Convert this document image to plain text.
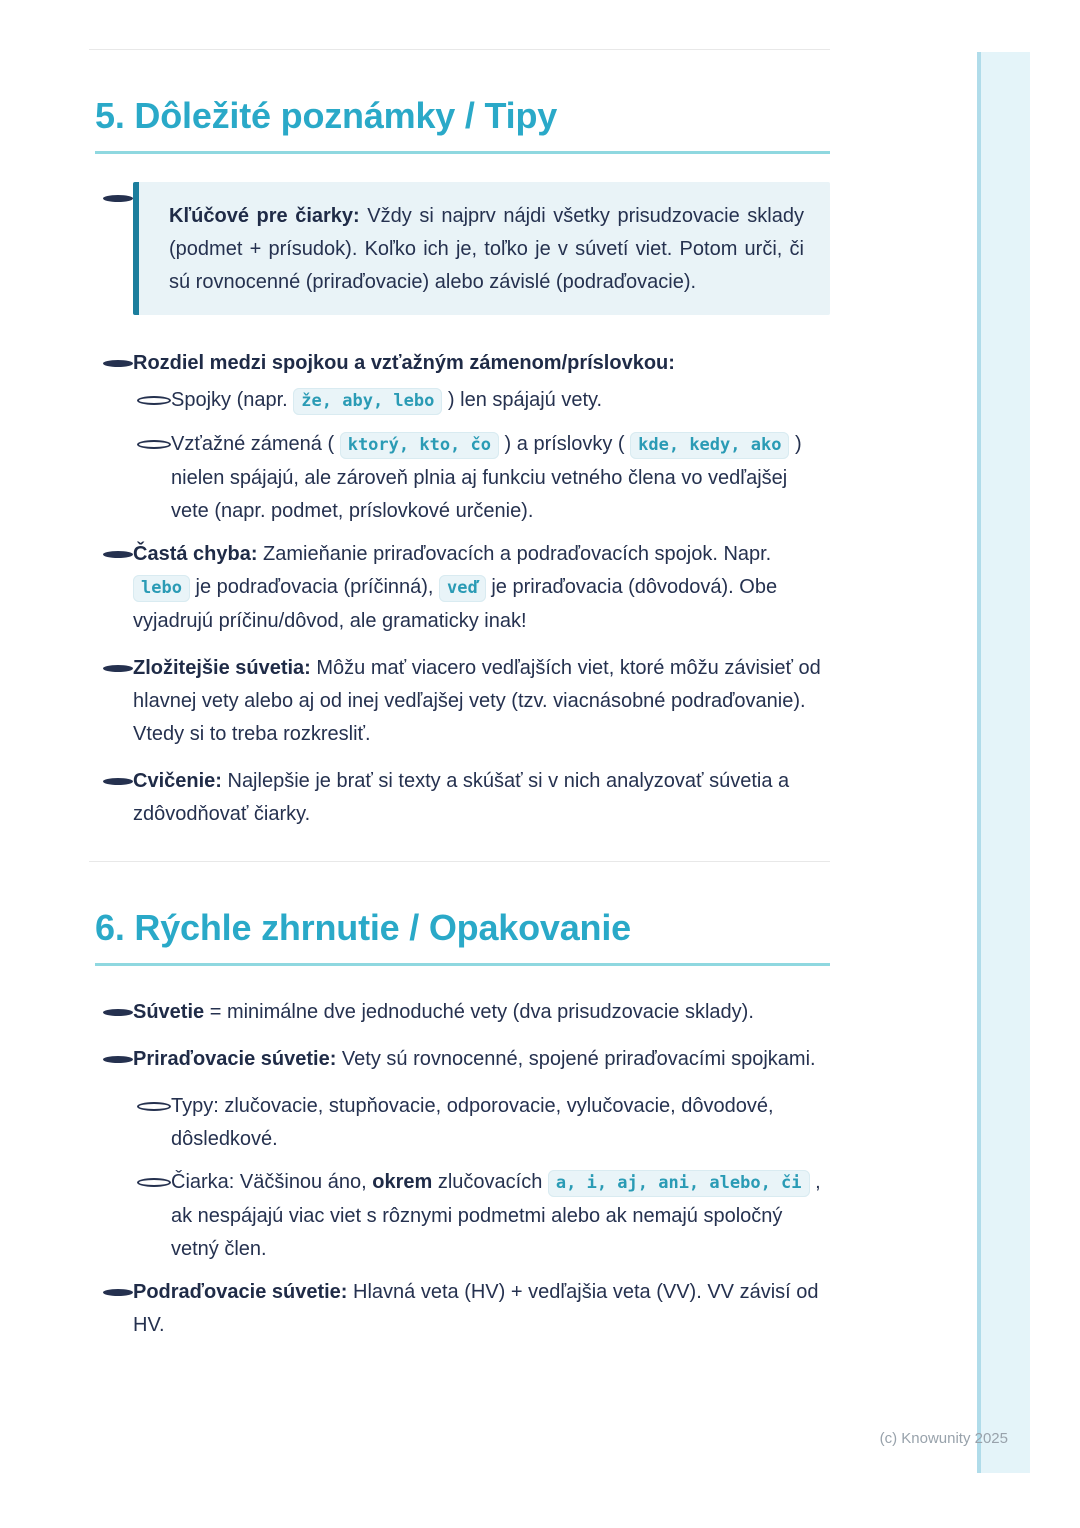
5. Dôležité poznámky / Tipy
Kľúčové pre čiarky: Vždy si najprv nájdi všetky prisudzovacie sklady (podmet + prísudok). Koľko ich je, toľko je v súvetí viet. Potom urči, či sú rovnocenné (priraďovacie) alebo závislé (podraďovacie).
Rozdiel medzi spojkou a vzťažným zámenom/príslovkou:
Spojky (napr. že, aby, lebo ) len spájajú vety.
Vzťažné zámená ( ktorý, kto, čo ) a príslovky ( kde, kedy, ako ) nielen spájajú, ale zároveň plnia aj funkciu vetného člena vo vedľajšej vete (napr. podmet, príslovkové určenie).
Častá chyba: Zamieňanie priraďovacích a podraďovacích spojok. Napr. lebo je podraďovacia (príčinná), veď je priraďovacia (dôvodová). Obe vyjadrujú príčinu/dôvod, ale gramaticky inak!
Zložitejšie súvetia: Môžu mať viacero vedľajších viet, ktoré môžu závisieť od hlavnej vety alebo aj od inej vedľajšej vety (tzv. viacnásobné podraďovanie). Vtedy si to treba rozkresliť.
Cvičenie: Najlepšie je brať si texty a skúšať si v nich analyzovať súvetia a zdôvodňovať čiarky.
6. Rýchle zhrnutie / Opakovanie
Súvetie = minimálne dve jednoduché vety (dva prisudzovacie sklady).
Priraďovacie súvetie: Vety sú rovnocenné, spojené priraďovacími spojkami.
Typy: zlučovacie, stupňovacie, odporovacie, vylučovacie, dôvodové, dôsledkové.
Čiarka: Väčšinou áno, okrem zlučovacích a, i, aj, ani, alebo, či , ak nespájajú viac viet s rôznymi podmetmi alebo ak nemajú spoločný vetný člen.
Podraďovacie súvetie: Hlavná veta (HV) + vedľajšia veta (VV). VV závisí od HV.
(c) Knowunity 2025
